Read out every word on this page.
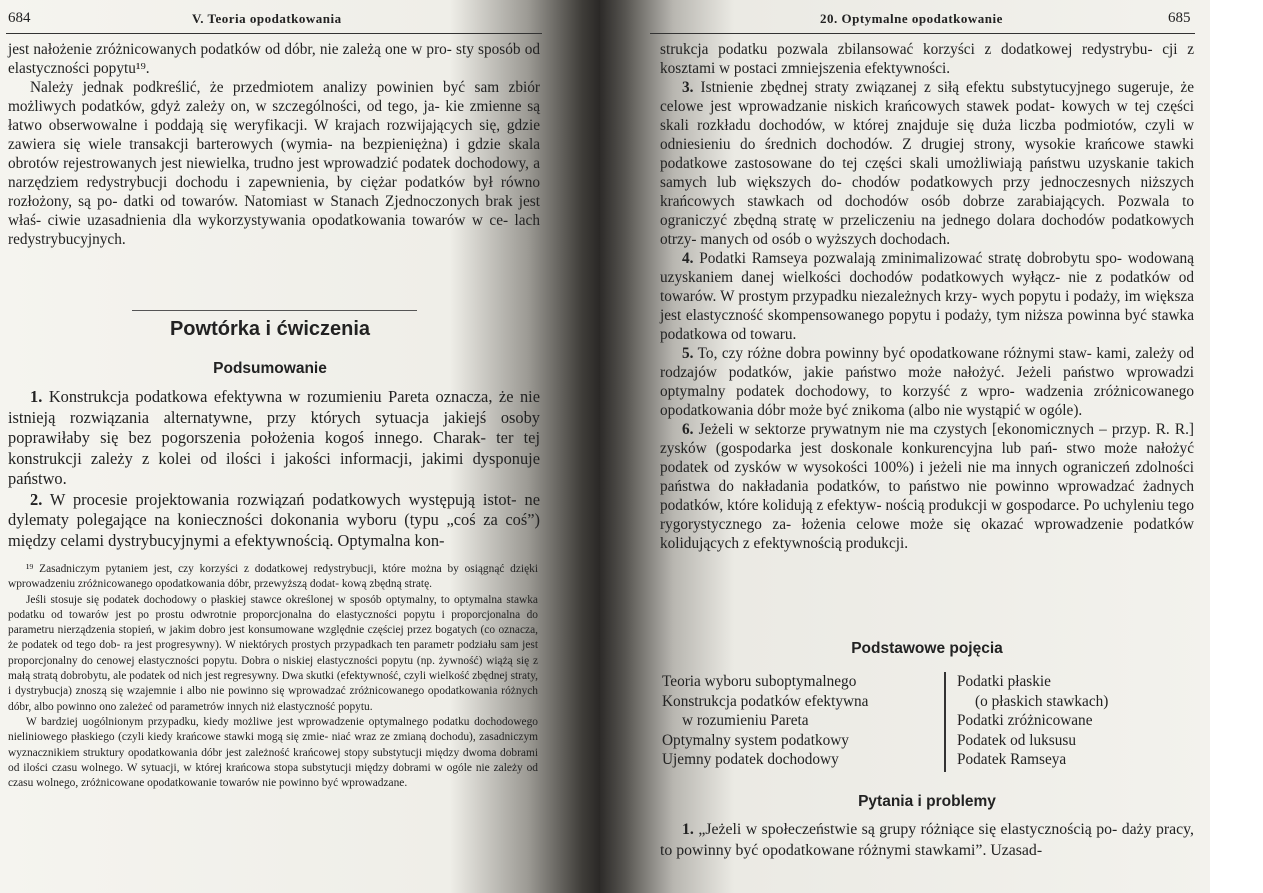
684	V. Teoria opodatkowania

jest nałożenie zróżnicowanych podatków od dóbr, nie zależą one w pro- sty sposób od elastyczności popytu¹⁹.

Należy jednak podkreślić, że przedmiotem analizy powinien być sam zbiór możliwych podatków, gdyż zależy on, w szczególności, od tego, ja- kie zmienne są łatwo obserwowalne i poddają się weryfikacji. W krajach rozwijających się, gdzie zawiera się wiele transakcji barterowych (wymia- na bezpieniężna) i gdzie skala obrotów rejestrowanych jest niewielka, trudno jest wprowadzić podatek dochodowy, a narzędziem redystrybucji dochodu i zapewnienia, by ciężar podatków był równo rozłożony, są po- datki od towarów. Natomiast w Stanach Zjednoczonych brak jest właś- ciwie uzasadnienia dla wykorzystywania opodatkowania towarów w ce- lach redystrybucyjnych.

Powtórka i ćwiczenia
Podsumowanie

1. Konstrukcja podatkowa efektywna w rozumieniu Pareta oznacza, że nie istnieją rozwiązania alternatywne, przy których sytuacja jakiejś osoby poprawiłaby się bez pogorszenia położenia kogoś innego. Charak- ter tej konstrukcji zależy z kolei od ilości i jakości informacji, jakimi dysponuje państwo.

2. W procesie projektowania rozwiązań podatkowych występują istot- ne dylematy polegające na konieczności dokonania wyboru (typu „coś za coś”) między celami dystrybucyjnymi a efektywnością. Optymalna kon-

¹⁹ Zasadniczym pytaniem jest, czy korzyści z dodatkowej redystrybucji, które można by osiągnąć dzięki wprowadzeniu zróżnicowanego opodatkowania dóbr, przewyższą dodat- kową zbędną stratę.

Jeśli stosuje się podatek dochodowy o płaskiej stawce określonej w sposób optymalny, to optymalna stawka podatku od towarów jest po prostu odwrotnie proporcjonalna do elastyczności popytu i proporcjonalna do parametru nierządzenia stopień, w jakim dobro jest konsumowane względnie częściej przez bogatych (co oznacza, że podatek od tego dob- ra jest progresywny). W niektórych prostych przypadkach ten parametr podziału sam jest proporcjonalny do cenowej elastyczności popytu. Dobra o niskiej elastyczności popytu (np. żywność) wiążą się z małą stratą dobrobytu, ale podatek od nich jest regresywny. Dwa skutki (efektywność, czyli wielkość zbędnej straty, i dystrybucja) znoszą się wzajemnie i albo nie powinno się wprowadzać zróżnicowanego opodatkowania różnych dóbr, albo powinno ono zależeć od parametrów innych niż elastyczność popytu.

W bardziej uogólnionym przypadku, kiedy możliwe jest wprowadzenie optymalnego podatku dochodowego nieliniowego płaskiego (czyli kiedy krańcowe stawki mogą się zmie- niać wraz ze zmianą dochodu), zasadniczym wyznacznikiem struktury opodatkowania dóbr jest zależność krańcowej stopy substytucji między dwoma dobrami od ilości czasu wolnego. W sytuacji, w której krańcowa stopa substytucji między dobrami w ogóle nie zależy od czasu wolnego, zróżnicowane opodatkowanie towarów nie powinno być wprowadzane.

20. Optymalne opodatkowanie	685

strukcja podatku pozwala zbilansować korzyści z dodatkowej redystrybu- cji z kosztami w postaci zmniejszenia efektywności.

3. Istnienie zbędnej straty związanej z siłą efektu substytucyjnego sugeruje, że celowe jest wprowadzanie niskich krańcowych stawek podat- kowych w tej części skali rozkładu dochodów, w której znajduje się duża liczba podmiotów, czyli w odniesieniu do średnich dochodów. Z drugiej strony, wysokie krańcowe stawki podatkowe zastosowane do tej części skali umożliwiają państwu uzyskanie takich samych lub większych do- chodów podatkowych przy jednoczesnych niższych krańcowych stawkach od dochodów osób dobrze zarabiających. Pozwala to ograniczyć zbędną stratę w przeliczeniu na jednego dolara dochodów podatkowych otrzy- manych od osób o wyższych dochodach.

4. Podatki Ramseya pozwalają zminimalizować stratę dobrobytu spo- wodowaną uzyskaniem danej wielkości dochodów podatkowych wyłącz- nie z podatków od towarów. W prostym przypadku niezależnych krzy- wych popytu i podaży, im większa jest elastyczność skompensowanego popytu i podaży, tym niższa powinna być stawka podatkowa od towaru.

5. To, czy różne dobra powinny być opodatkowane różnymi staw- kami, zależy od rodzajów podatków, jakie państwo może nałożyć. Jeżeli państwo wprowadzi optymalny podatek dochodowy, to korzyść z wpro- wadzenia zróżnicowanego opodatkowania dóbr może być znikoma (albo nie wystąpić w ogóle).

6. Jeżeli w sektorze prywatnym nie ma czystych [ekonomicznych – przyp. R. R.] zysków (gospodarka jest doskonale konkurencyjna lub pań- stwo może nałożyć podatek od zysków w wysokości 100%) i jeżeli nie ma innych ograniczeń zdolności państwa do nakładania podatków, to państwo nie powinno wprowadzać żadnych podatków, które kolidują z efektyw- nością produkcji w gospodarce. Po uchyleniu tego rygorystycznego za- łożenia celowe może się okazać wprowadzenie podatków kolidujących z efektywnością produkcji.

Podstawowe pojęcia
Teoria wyboru suboptymalnego
Konstrukcja podatków efektywna
w rozumieniu Pareta
Optymalny system podatkowy
Ujemny podatek dochodowy
Podatki płaskie
(o płaskich stawkach)
Podatki zróżnicowane
Podatek od luksusu
Podatek Ramseya
Pytania i problemy

1. „Jeżeli w społeczeństwie są grupy różniące się elastycznością po- daży pracy, to powinny być opodatkowane różnymi stawkami”. Uzasad-
